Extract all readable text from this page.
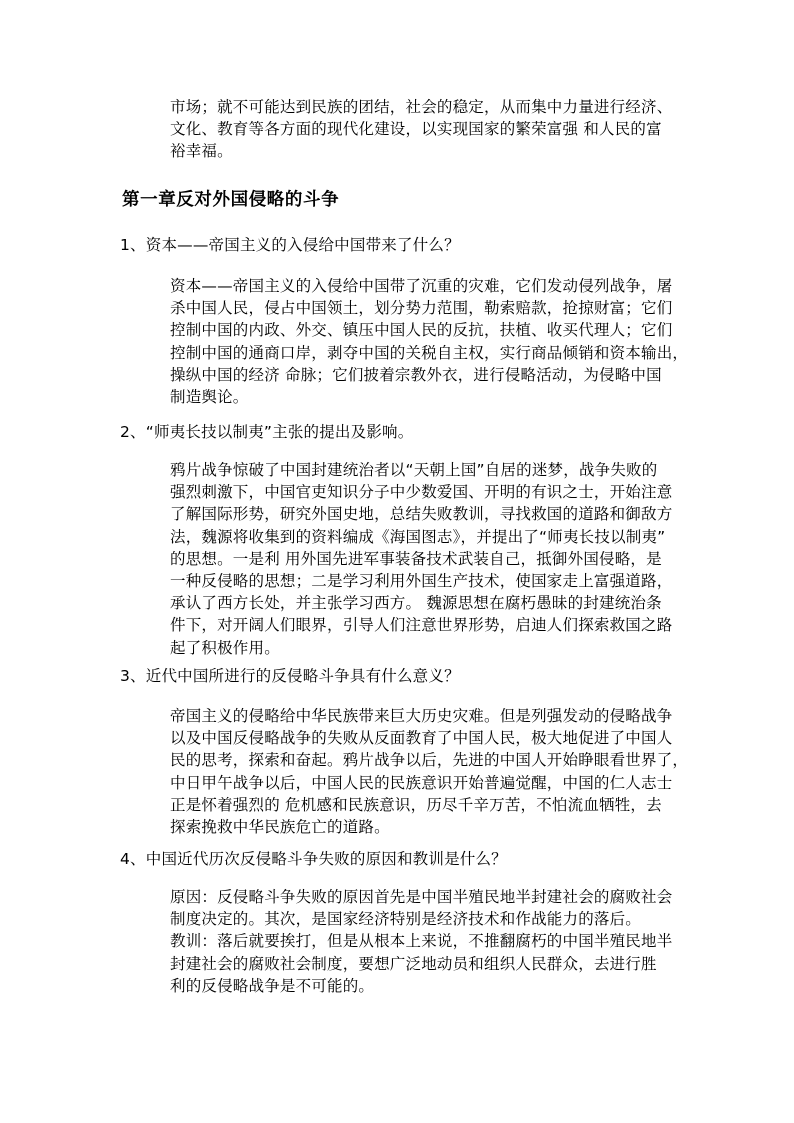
市场；就不可能达到民族的团结，社会的稳定，从而集中力量进行经济、
文化、教育等各方面的现代化建设，以实现国家的繁荣富强 和人民的富
裕幸福。
第一章反对外国侵略的斗争

1、资本——帝国主义的入侵给中国带来了什么？

资本——帝国主义的入侵给中国带了沉重的灾难，它们发动侵列战争，屠
杀中国人民，侵占中国领土，划分势力范围，勒索赔款，抢掠财富；它们
控制中国的内政、外交、镇压中国人民的反抗，扶植、收买代理人；它们
控制中国的通商口岸，剥夺中国的关税自主权，实行商品倾销和资本输出，
操纵中国的经济 命脉；它们披着宗教外衣，进行侵略活动，为侵略中国
制造舆论。

2、“师夷长技以制夷”主张的提出及影响。

鸦片战争惊破了中国封建统治者以“天朝上国”自居的迷梦，战争失败的
强烈刺激下，中国官吏知识分子中少数爱国、开明的有识之士，开始注意
了解国际形势，研究外国史地，总结失败教训，寻找救国的道路和御敌方
法，魏源将收集到的资料编成《海国图志》，并提出了“师夷长技以制夷”
的思想。一是利 用外国先进军事装备技术武装自己，抵御外国侵略，是
一种反侵略的思想；二是学习利用外国生产技术，使国家走上富强道路，
承认了西方长处，并主张学习西方。 魏源思想在腐朽愚昧的封建统治条
件下，对开阔人们眼界，引导人们注意世界形势，启迪人们探索救国之路
起了积极作用。

3、近代中国所进行的反侵略斗争具有什么意义？

帝国主义的侵略给中华民族带来巨大历史灾难。但是列强发动的侵略战争
以及中国反侵略战争的失败从反面教育了中国人民，极大地促进了中国人
民的思考，探索和奋起。鸦片战争以后，先进的中国人开始睁眼看世界了，
中日甲午战争以后，中国人民的民族意识开始普遍觉醒，中国的仁人志士
正是怀着强烈的 危机感和民族意识，历尽千辛万苦，不怕流血牺牲，去
探索挽救中华民族危亡的道路。

4、中国近代历次反侵略斗争失败的原因和教训是什么？

原因：反侵略斗争失败的原因首先是中国半殖民地半封建社会的腐败社会
制度决定的。其次，是国家经济特别是经济技术和作战能力的落后。
教训：落后就要挨打，但是从根本上来说，不推翻腐朽的中国半殖民地半
封建社会的腐败社会制度，要想广泛地动员和组织人民群众，去进行胜
利的反侵略战争是不可能的。
